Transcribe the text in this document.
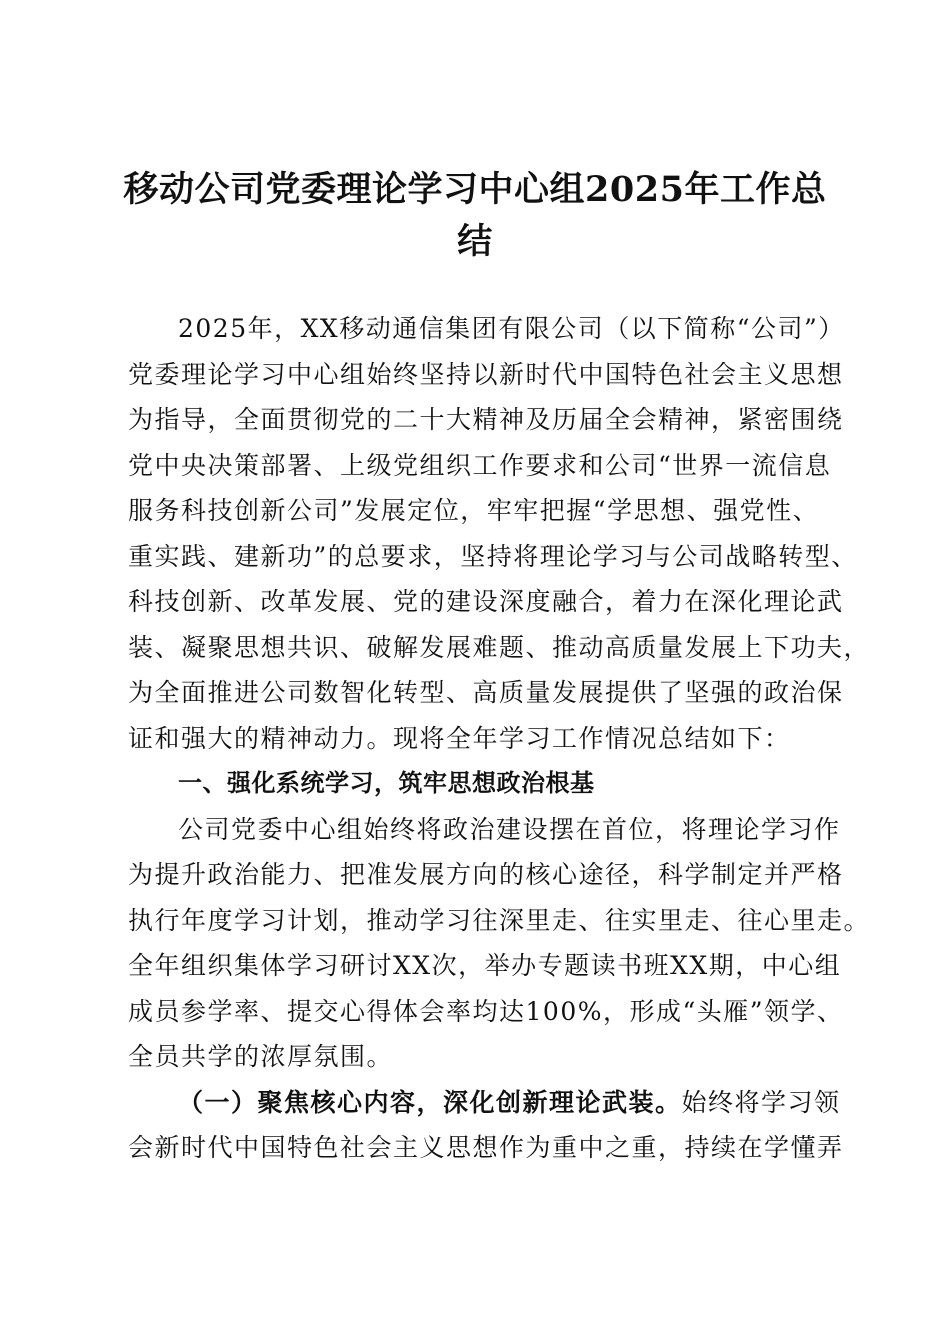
移动公司党委理论学习中心组2025年工作总
结
2025年，XX移动通信集团有限公司（以下简称“公司”）
党委理论学习中心组始终坚持以新时代中国特色社会主义思想
为指导，全面贯彻党的二十大精神及历届全会精神，紧密围绕
党中央决策部署、上级党组织工作要求和公司“世界一流信息
服务科技创新公司”发展定位，牢牢把握“学思想、强党性、
重实践、建新功”的总要求，坚持将理论学习与公司战略转型、
科技创新、改革发展、党的建设深度融合，着力在深化理论武
装、凝聚思想共识、破解发展难题、推动高质量发展上下功夫，
为全面推进公司数智化转型、高质量发展提供了坚强的政治保
证和强大的精神动力。现将全年学习工作情况总结如下：
一、强化系统学习，筑牢思想政治根基
公司党委中心组始终将政治建设摆在首位，将理论学习作
为提升政治能力、把准发展方向的核心途径，科学制定并严格
执行年度学习计划，推动学习往深里走、往实里走、往心里走。
全年组织集体学习研讨XX次，举办专题读书班XX期，中心组
成员参学率、提交心得体会率均达100%，形成“头雁”领学、
全员共学的浓厚氛围。
（一）聚焦核心内容，深化创新理论武装。始终将学习领
会新时代中国特色社会主义思想作为重中之重，持续在学懂弄
